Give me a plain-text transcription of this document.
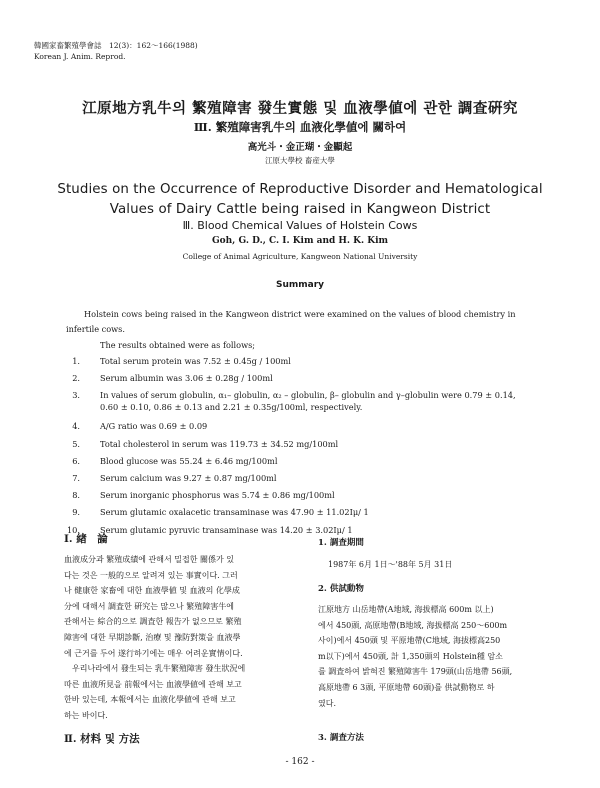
韓國家畜繁殖學會誌　12(3)：162～166(1988)
Korean J. Anim. Reprod.
江原地方乳牛의 繁殖障害 發生實態 및 血液學値에 관한 調査硏究
Ⅲ. 繁殖障害乳牛의 血液化學値에 關하여
高光斗・金正瑚・金顯起
江原大學校 畜産大學
Studies on the Occurrence of Reproductive Disorder and Hematological
Values of Dairy Cattle being raised in Kangweon District
Ⅲ. Blood Chemical Values of Holstein Cows
Goh, G. D., C. I. Kim and H. K. Kim
College of Animal Agriculture, Kangweon National University
Summary
Holstein cows being raised in the Kangweon district were examined on the values of blood chemistry in
infertile cows.
The results obtained were as follows;
1. Total serum protein was 7.52 ± 0.45g / 100ml
2. Serum albumin was 3.06 ± 0.28g / 100ml
3. In values of serum globulin, α₁– globulin, α₂ – globulin, β– globulin and γ–globulin were 0.79 ± 0.14,
0.60 ± 0.10, 0.86 ± 0.13 and 2.21 ± 0.35g/100ml, respectively.
4. A/G ratio was 0.69 ± 0.09
5. Total cholesterol in serum was 119.73 ± 34.52 mg/100ml
6. Blood glucose was 55.24 ± 6.46 mg/100ml
7. Serum calcium was 9.27 ± 0.87 mg/100ml
8. Serum inorganic phosphorus was 5.74 ± 0.86 mg/100ml
9. Serum glutamic oxalacetic transaminase was 47.90 ± 11.02Iμ/ 1
10. Serum glutamic pyruvic transaminase was 14.20 ± 3.02Iμ/ 1
Ⅰ. 緖　論
血液成分과 繁殖成績에 관해서 밀접한 關係가 있
다는 것은 一般的으로 알려져 있는 事實이다. 그러
나 健康한 家畜에 대한 血液學値 및 血液의 化學成
分에 대해서 調査한 硏究는 많으나 繁殖障害牛에
관해서는 綜合的으로 調査한 報告가 없으므로 繁殖
障害에 대한 早期診斷, 治療 및 豫防對策을 血液學
에 근거를 두어 遂行하기에는 매우 어려운實情이다.
　우리나라에서 發生되는 乳牛繁殖障害 發生狀況에
따른 血液所見을 前報에서는 血液學値에 관해 보고
한바 있는데, 本報에서는 血液化學値에 관해 보고
하는 바이다.
Ⅱ. 材料 및 方法
1. 調査期間
1987年 6月 1日～'88年 5月 31日
2. 供試動物
江原地方 山岳地帶(A地域, 海拔標高 600m 以上)
에서 450頭, 高原地帶(B地域, 海拔標高 250～600m
사이)에서 450頭 및 平原地帶(C地域, 海拔標高250
m以下)에서 450頭, 計 1,350頭의 Holstein種 암소
를 調査하여 밝혀진 繁殖障害牛 179頭(山岳地帶 56頭,
高原地帶 6 3頭, 平原地帶 60頭)를 供試動物로 하
였다.
3. 調査方法
- 162 -
